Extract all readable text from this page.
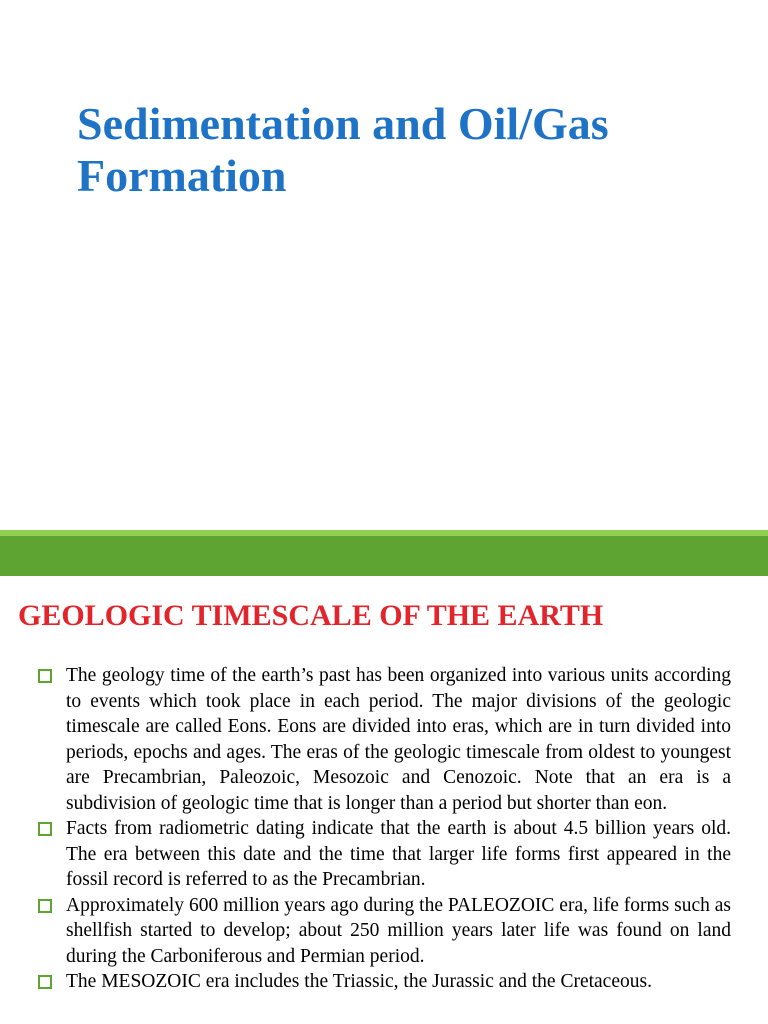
Sedimentation and Oil/Gas Formation
GEOLOGIC TIMESCALE OF THE EARTH
The geology time of the earth’s past has been organized into various units according to events which took place in each period. The major divisions of the geologic timescale are called Eons. Eons are divided into eras, which are in turn divided into periods, epochs and ages. The eras of the geologic timescale from oldest to youngest are Precambrian, Paleozoic, Mesozoic and Cenozoic. Note that an era is a subdivision of geologic time that is longer than a period but shorter than eon.
Facts from radiometric dating indicate that the earth is about 4.5 billion years old. The era between this date and the time that larger life forms first appeared in the fossil record is referred to as the Precambrian.
Approximately 600 million years ago during the PALEOZOIC era, life forms such as shellfish started to develop; about 250 million years later life was found on land during the Carboniferous and Permian period.
The MESOZOIC era includes the Triassic, the Jurassic and the Cretaceous.
